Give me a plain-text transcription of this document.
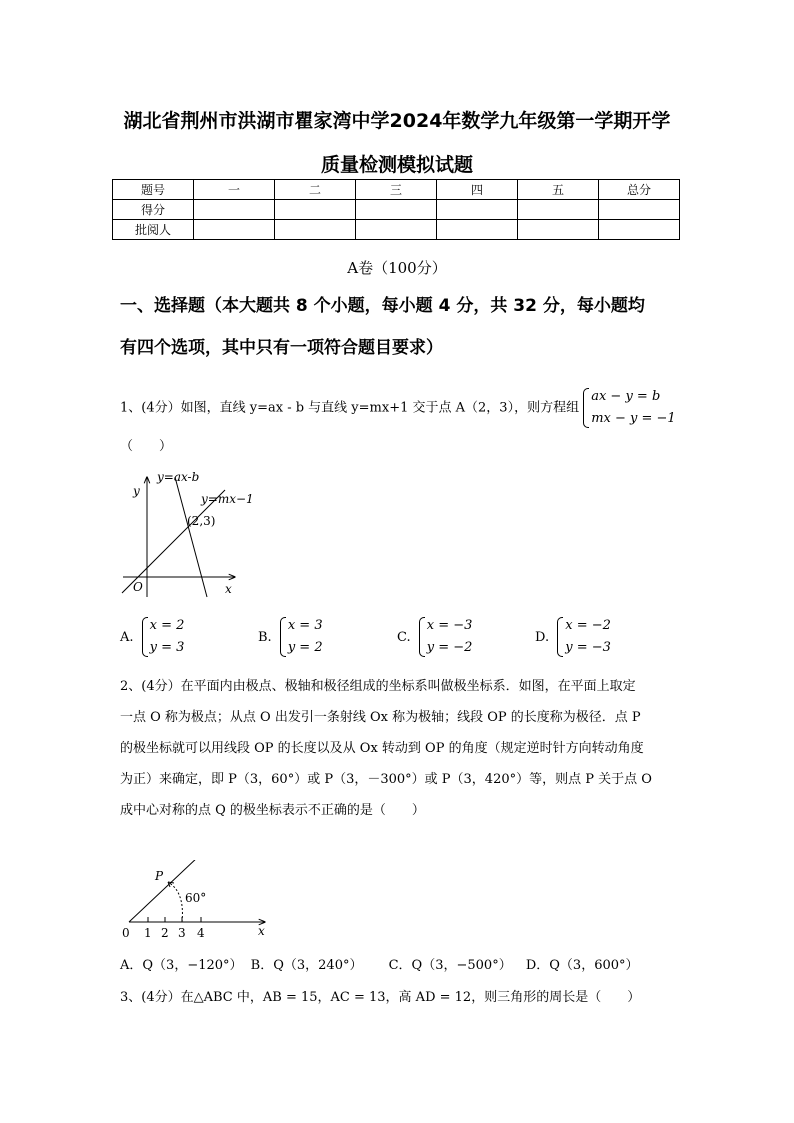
湖北省荆州市洪湖市瞿家湾中学2024年数学九年级第一学期开学
质量检测模拟试题
题号	一	二	三	四	五	总分
得分						
批阅人						
A卷（100分）
一、选择题（本大题共 8 个小题，每小题 4 分，共 32 分，每小题均
有四个选项，其中只有一项符合题目要求）
1、(4分）如图，直线 y=ax - b 与直线 y=mx+1 交于点 A（2，3），则方程组
ax − y = b
mx − y = −1
（　　）
y
x
O
y=ax-b
y=mx−1
(2,3)
A.
x = 2
y = 3
B.
x = 3
y = 2
C.
x = −3
y = −2
D.
x = −2
y = −3
2、(4分）在平面内由极点、极轴和极径组成的坐标系叫做极坐标系．如图，在平面上取定
一点 O 称为极点；从点 O 出发引一条射线 Ox 称为极轴；线段 OP 的长度称为极径．点 P
的极坐标就可以用线段 OP 的长度以及从 Ox 转动到 OP 的角度（规定逆时针方向转动角度
为正）来确定，即 P（3，60°）或 P（3，－300°）或 P（3，420°）等，则点 P 关于点 O
成中心对称的点 Q 的极坐标表示不正确的是（　　）
P
60°
x
0 1 2 3 4
A．Q（3，−120°） B．Q（3，240°） C．Q（3，−500°） D．Q（3，600°）
3、(4分）在△ABC 中，AB = 15，AC = 13，高 AD = 12，则三角形的周长是（　　）
